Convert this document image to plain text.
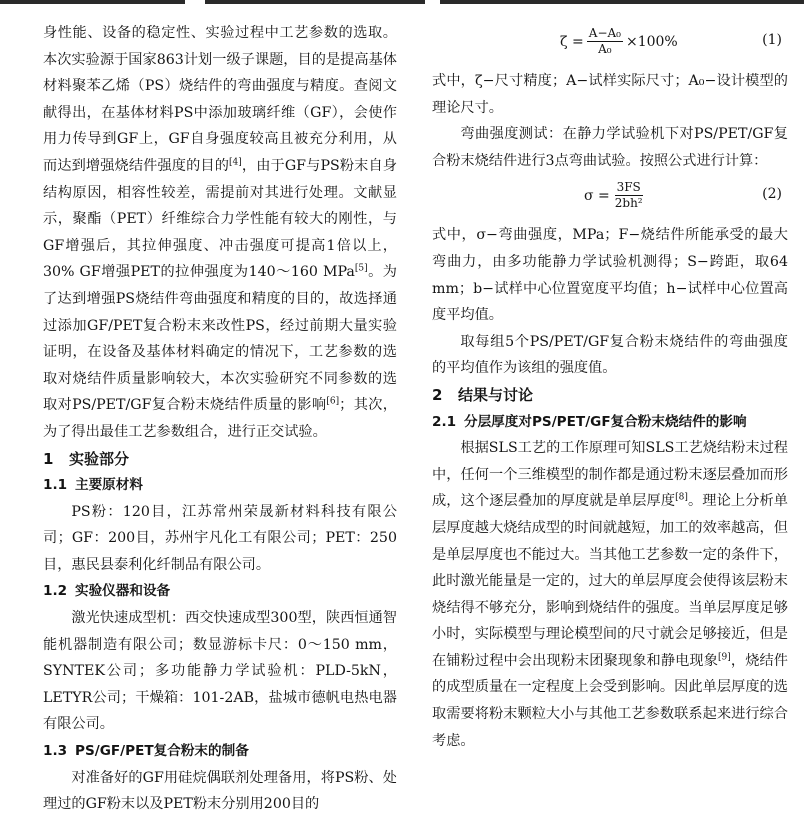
身性能、设备的稳定性、实验过程中工艺参数的选取。本次实验源于国家863计划一级子课题，目的是提高基体材料聚苯乙烯（PS）烧结件的弯曲强度与精度。查阅文献得出，在基体材料PS中添加玻璃纤维（GF），会使作用力传导到GF上，GF自身强度较高且被充分利用，从而达到增强烧结件强度的目的[4]，由于GF与PS粉末自身结构原因，相容性较差，需提前对其进行处理。文献显示，聚酯（PET）纤维综合力学性能有较大的刚性，与GF增强后，其拉伸强度、冲击强度可提高1倍以上，30% GF增强PET的拉伸强度为140～160 MPa[5]。为了达到增强PS烧结件弯曲强度和精度的目的，故选择通过添加GF/PET复合粉末来改性PS，经过前期大量实验证明，在设备及基体材料确定的情况下，工艺参数的选取对烧结件质量影响较大，本次实验研究不同参数的选取对PS/PET/GF复合粉末烧结件质量的影响[6]；其次，为了得出最佳工艺参数组合，进行正交试验。

1 实验部分
1.1 主要原材料

PS粉：120目，江苏常州荣晟新材料科技有限公司；GF：200目，苏州宇凡化工有限公司；PET：250目，惠民县泰利化纤制品有限公司。

1.2 实验仪器和设备

激光快速成型机：西交快速成型300型，陕西恒通智能机器制造有限公司；数显游标卡尺：0～150 mm，SYNTEK公司；多功能静力学试验机：PLD-5kN，LETYR公司；干燥箱：101-2AB，盐城市德帆电热电器有限公司。

1.3 PS/GF/PET复合粉末的制备

对准备好的GF用硅烷偶联剂处理备用，将PS粉、处理过的GF粉末以及PET粉末分别用200目的

$\zeta = \frac{\text{A−A₀}}{\text{A₀}} \times 100\%$	(1)

式中，ζ−尺寸精度；A−试样实际尺寸；A₀−设计模型的理论尺寸。

弯曲强度测试：在静力学试验机下对PS/PET/GF复合粉末烧结件进行3点弯曲试验。按照公式进行计算：

$\sigma = \frac{3FS}{\text{2bh²}}$	(2)

式中，σ−弯曲强度，MPa；F−烧结件所能承受的最大弯曲力，由多功能静力学试验机测得；S−跨距，取64 mm；b−试样中心位置宽度平均值；h−试样中心位置高度平均值。

取每组5个PS/PET/GF复合粉末烧结件的弯曲强度的平均值作为该组的强度值。

2 结果与讨论
2.1 分层厚度对PS/PET/GF复合粉末烧结件的影响

根据SLS工艺的工作原理可知SLS工艺烧结粉末过程中，任何一个三维模型的制作都是通过粉末逐层叠加而形成，这个逐层叠加的厚度就是单层厚度[8]。理论上分析单层厚度越大烧结成型的时间就越短，加工的效率越高，但是单层厚度也不能过大。当其他工艺参数一定的条件下，此时激光能量是一定的，过大的单层厚度会使得该层粉末烧结得不够充分，影响到烧结件的强度。当单层厚度足够小时，实际模型与理论模型间的尺寸就会足够接近，但是在铺粉过程中会出现粉末团聚现象和静电现象[9]，烧结件的成型质量在一定程度上会受到影响。因此单层厚度的选取需要将粉末颗粒大小与其他工艺参数联系起来进行综合考虑。
